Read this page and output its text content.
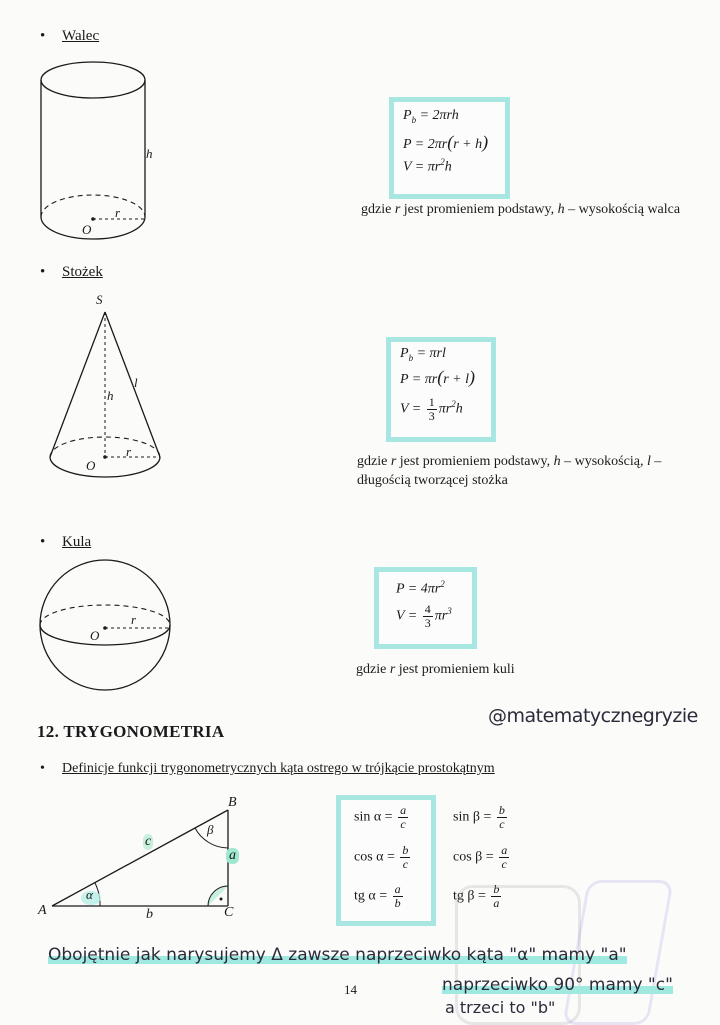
• Walec
h
r
O
$P_b = 2\pi rh$
P = 2πr(r + h)
$V = \pi r^2h$
gdzie r jest promieniem podstawy, h – wysokością walca
• Stożek
S
l
h
r
O
$P_b = \pi rl$
P = πr(r + l)
$V = \frac{1}{3} \pi r^2h$
gdzie r jest promieniem podstawy, h – wysokością, l – długością tworzącej stożka
• Kula
r
O
$P = 4\pi r^2$
$V = \frac{4}{3} \pi r^3$
gdzie r jest promieniem kuli
@matematycznegryzie
12. TRYGONOMETRIA
• Definicje funkcji trygonometrycznych kąta ostrego w trójkącie prostokątnym
A
B
C
c
a
b
α
β
$\sin \alpha = \frac{a}{c}$
$\cos \alpha = \frac{b}{c}$
tg $\alpha = \frac{a}{b}$
$\sin \beta = \frac{b}{c}$
$\cos \beta = \frac{a}{c}$
tg $\beta = \frac{b}{a}$
Obojętnie jak narysujemy Δ zawsze naprzeciwko kąta "α" mamy "a"
naprzeciwko 90° mamy "c"
a trzeci to "b"
14
